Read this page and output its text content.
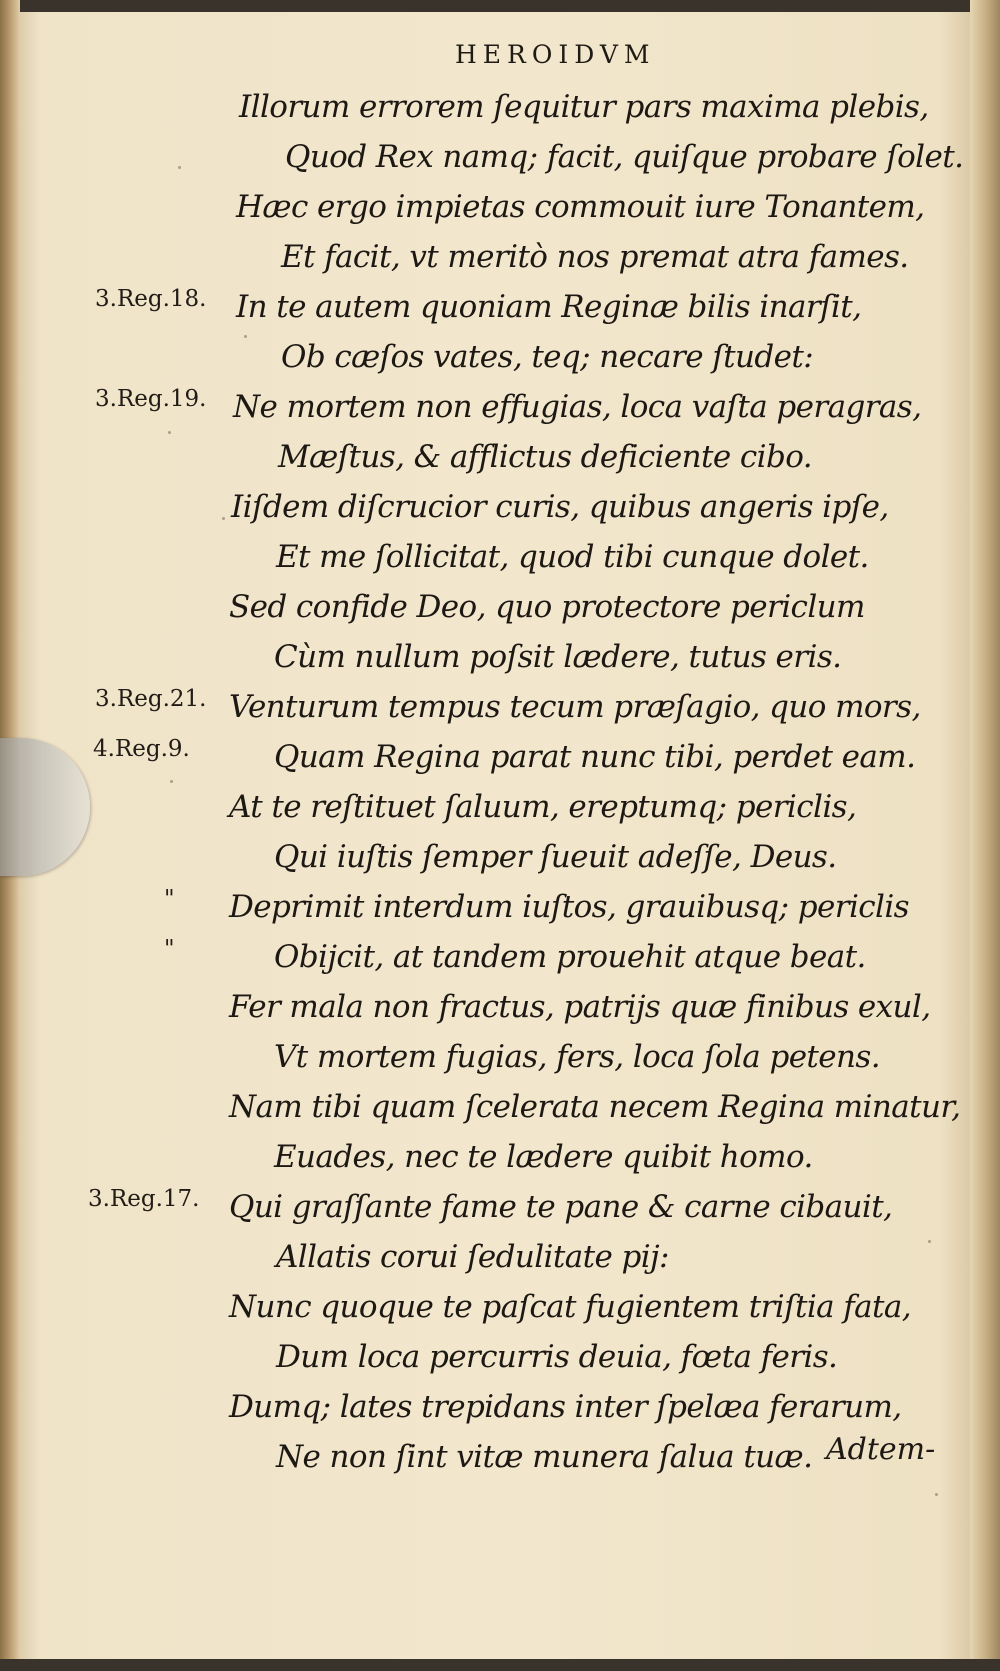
HEROIDVM
Illorum errorem ſequitur pars maxima plebis,
Quod Rex namq; facit, quiſque probare ſolet.
Hæc ergo impietas commouit iure Tonantem,
Et facit, vt meritò nos premat atra fames.
In te autem quoniam Reginæ bilis inarſit,
Ob cæſos vates, teq; necare ſtudet:
Ne mortem non effugias, loca vaſta peragras,
Mæſtus, & afflictus deficiente cibo.
Iiſdem diſcrucior curis, quibus angeris ipſe,
Et me ſollicitat, quod tibi cunque dolet.
Sed confide Deo, quo protectore periclum
Cùm nullum poſsit lædere, tutus eris.
Venturum tempus tecum præſagio, quo mors,
Quam Regina parat nunc tibi, perdet eam.
At te reſtituet ſaluum, ereptumq; periclis,
Qui iuſtis ſemper ſueuit adeſſe, Deus.
Deprimit interdum iuſtos, grauibusq; periclis
Obijcit, at tandem prouehit atque beat.
Fer mala non fractus, patrijs quæ finibus exul,
Vt mortem fugias, fers, loca ſola petens.
Nam tibi quam ſcelerata necem Regina minatur,
Euades, nec te lædere quibit homo.
Qui graſſante fame te pane & carne cibauit,
Allatis corui ſedulitate pij:
Nunc quoque te paſcat fugientem triſtia fata,
Dum loca percurris deuia, fœta feris.
Dumq; lates trepidans inter ſpelæa ferarum,
Ne non ſint vitæ munera ſalua tuæ.
3.Reg.18.
3.Reg.19.
3.Reg.21.
4.Reg.9.
"
"
3.Reg.17.
Adtem-
